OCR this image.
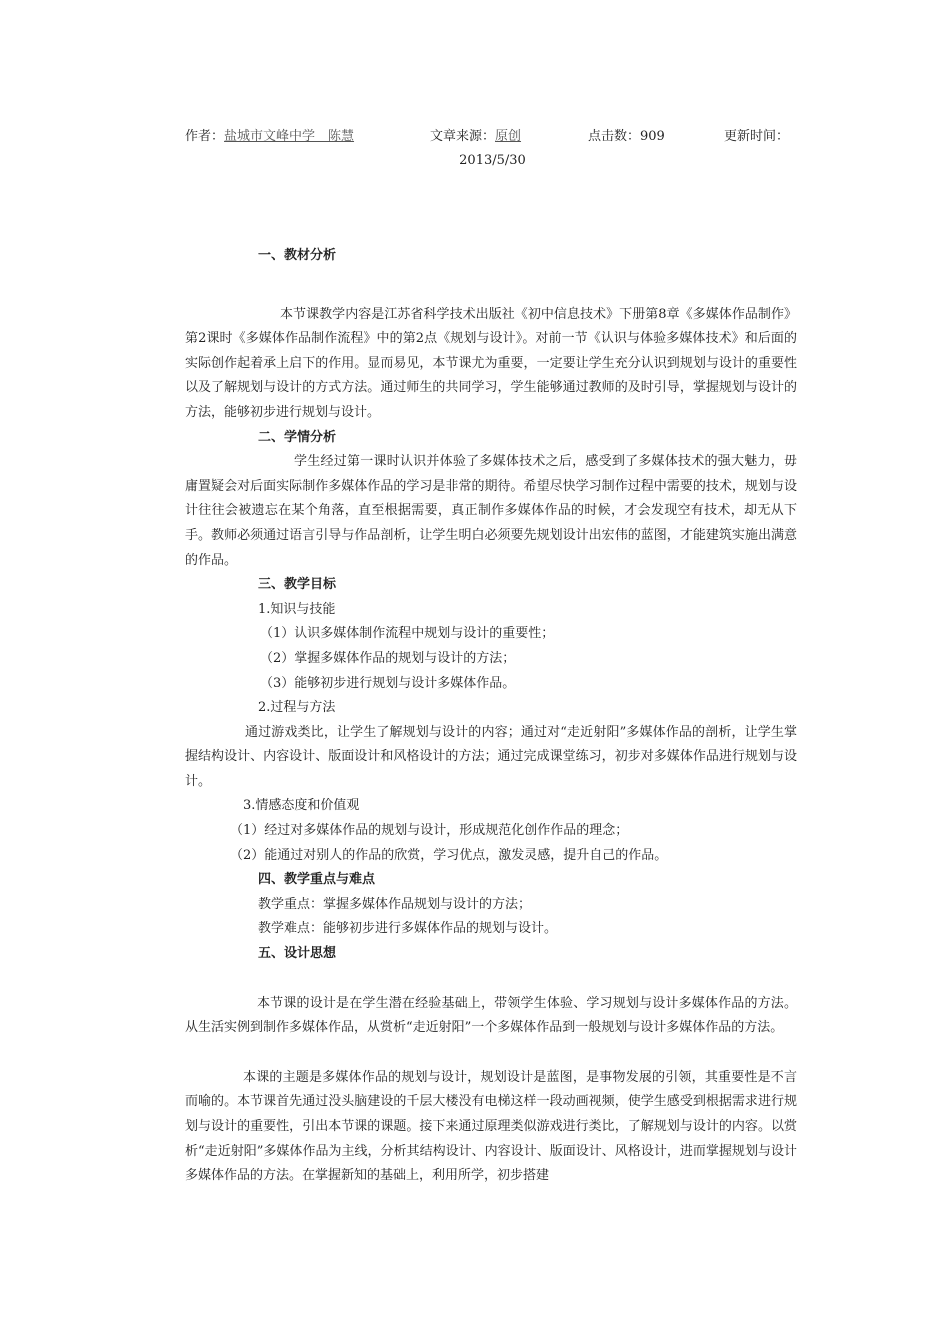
作者：盐城市文峰中学　陈慧	文章来源：原创	点击数：909	更新时间：
2013/5/30

一、教材分析

本节课教学内容是江苏省科学技术出版社《初中信息技术》下册第8章《多媒体作品制作》第2课时《多媒体作品制作流程》中的第2点《规划与设计》。对前一节《认识与体验多媒体技术》和后面的实际创作起着承上启下的作用。显而易见，本节课尤为重要，一定要让学生充分认识到规划与设计的重要性以及了解规划与设计的方式方法。通过师生的共同学习，学生能够通过教师的及时引导，掌握规划与设计的方法，能够初步进行规划与设计。

二、学情分析

学生经过第一课时认识并体验了多媒体技术之后，感受到了多媒体技术的强大魅力，毋庸置疑会对后面实际制作多媒体作品的学习是非常的期待。希望尽快学习制作过程中需要的技术，规划与设计往往会被遗忘在某个角落，直至根据需要，真正制作多媒体作品的时候，才会发现空有技术，却无从下手。教师必须通过语言引导与作品剖析，让学生明白必须要先规划设计出宏伟的蓝图，才能建筑实施出满意的作品。

三、教学目标

1.知识与技能

（1）认识多媒体制作流程中规划与设计的重要性；

（2）掌握多媒体作品的规划与设计的方法；

（3）能够初步进行规划与设计多媒体作品。

2.过程与方法

通过游戏类比，让学生了解规划与设计的内容；通过对“走近射阳”多媒体作品的剖析，让学生掌握结构设计、内容设计、版面设计和风格设计的方法；通过完成课堂练习，初步对多媒体作品进行规划与设计。

3.情感态度和价值观

（1）经过对多媒体作品的规划与设计，形成规范化创作作品的理念；

（2）能通过对别人的作品的欣赏，学习优点，激发灵感，提升自己的作品。

四、教学重点与难点

教学重点：掌握多媒体作品规划与设计的方法；

教学难点：能够初步进行多媒体作品的规划与设计。

五、设计思想

本节课的设计是在学生潜在经验基础上，带领学生体验、学习规划与设计多媒体作品的方法。从生活实例到制作多媒体作品，从赏析“走近射阳”一个多媒体作品到一般规划与设计多媒体作品的方法。

本课的主题是多媒体作品的规划与设计，规划设计是蓝图，是事物发展的引领，其重要性是不言而喻的。本节课首先通过没头脑建设的千层大楼没有电梯这样一段动画视频，使学生感受到根据需求进行规划与设计的重要性，引出本节课的课题。接下来通过原理类似游戏进行类比，了解规划与设计的内容。以赏析“走近射阳”多媒体作品为主线，分析其结构设计、内容设计、版面设计、风格设计，进而掌握规划与设计多媒体作品的方法。在掌握新知的基础上，利用所学，初步搭建
